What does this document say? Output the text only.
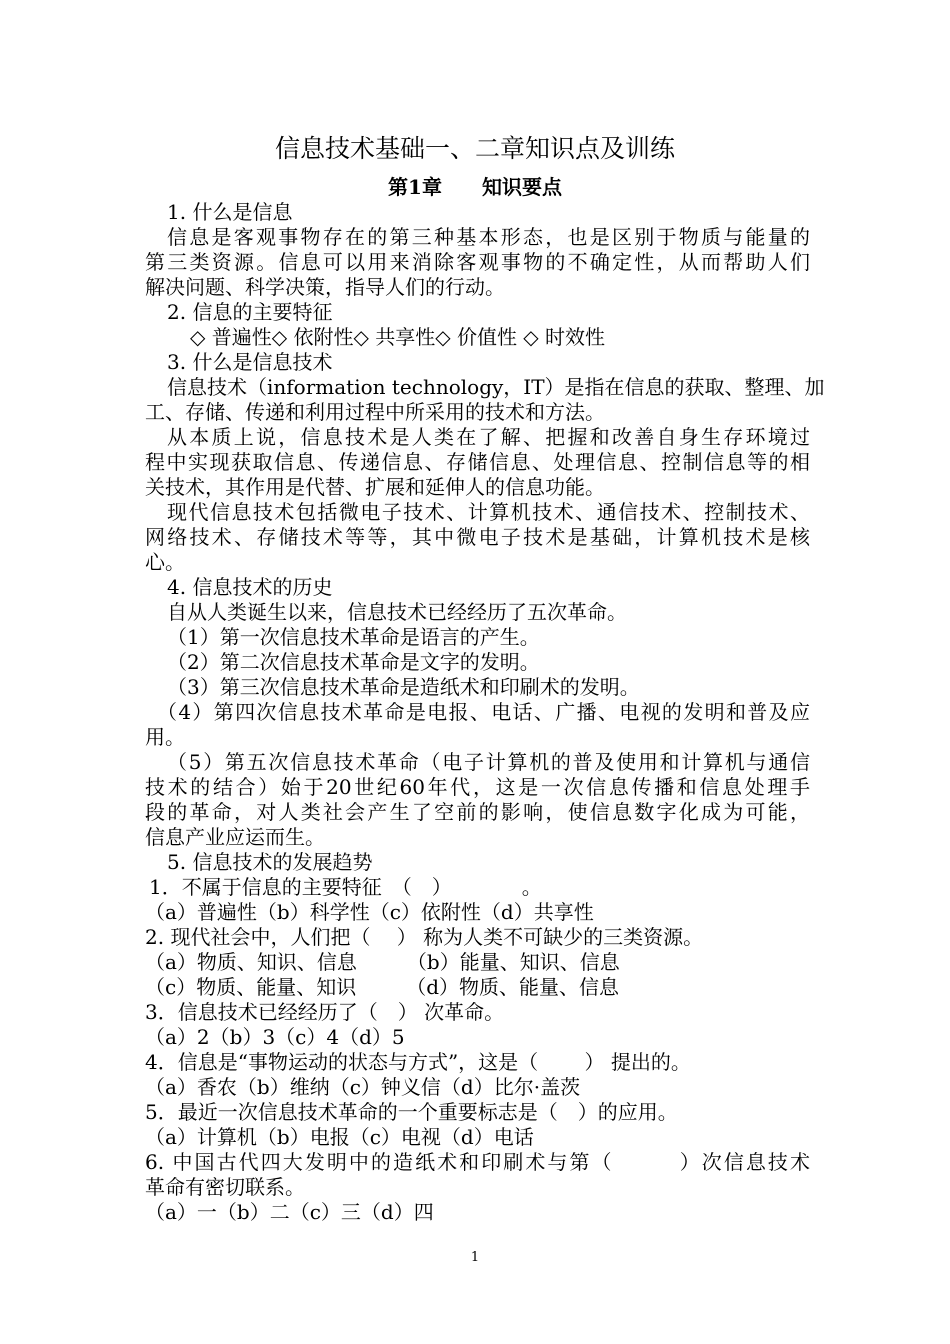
信息技术基础一、二章知识点及训练
第1章　　知识要点
1. 什么是信息
信息是客观事物存在的第三种基本形态，也是区别于物质与能量的
第三类资源。信息可以用来消除客观事物的不确定性，从而帮助人们
解决问题、科学决策，指导人们的行动。
2. 信息的主要特征
◇ 普遍性◇ 依附性◇ 共享性◇ 价值性 ◇ 时效性
3. 什么是信息技术
信息技术（information technology，IT）是指在信息的获取、整理、加
工、存储、传递和利用过程中所采用的技术和方法。
从本质上说，信息技术是人类在了解、把握和改善自身生存环境过
程中实现获取信息、传递信息、存储信息、处理信息、控制信息等的相
关技术，其作用是代替、扩展和延伸人的信息功能。
现代信息技术包括微电子技术、计算机技术、通信技术、控制技术、
网络技术、存储技术等等，其中微电子技术是基础，计算机技术是核
心。
4. 信息技术的历史
自从人类诞生以来，信息技术已经经历了五次革命。
（1）第一次信息技术革命是语言的产生。
（2）第二次信息技术革命是文字的发明。
（3）第三次信息技术革命是造纸术和印刷术的发明。
（4）第四次信息技术革命是电报、电话、广播、电视的发明和普及应
用。
（5）第五次信息技术革命（电子计算机的普及使用和计算机与通信
技术的结合）始于20世纪60年代，这是一次信息传播和信息处理手
段的革命，对人类社会产生了空前的影响，使信息数字化成为可能，
信息产业应运而生。
5. 信息技术的发展趋势
1．不属于信息的主要特征　（　）　　　　。
（a）普遍性（b）科学性（c）依附性（d）共享性
2. 现代社会中，人们把（　 ） 称为人类不可缺少的三类资源。
（a）物质、知识、信息　　　（b）能量、知识、信息
（c）物质、能量、知识　　　（d）物质、能量、信息
3．信息技术已经经历了（　） 次革命。
（a）2（b）3（c）4（d）5
4．信息是“事物运动的状态与方式”，这是（　　 ） 提出的。
（a）香农（b）维纳（c）钟义信（d）比尔·盖茨
5．最近一次信息技术革命的一个重要标志是（　）的应用。
（a）计算机（b）电报（c）电视（d）电话
6. 中国古代四大发明中的造纸术和印刷术与第（　　　）次信息技术
革命有密切联系。
（a）一（b）二（c）三（d）四
1
